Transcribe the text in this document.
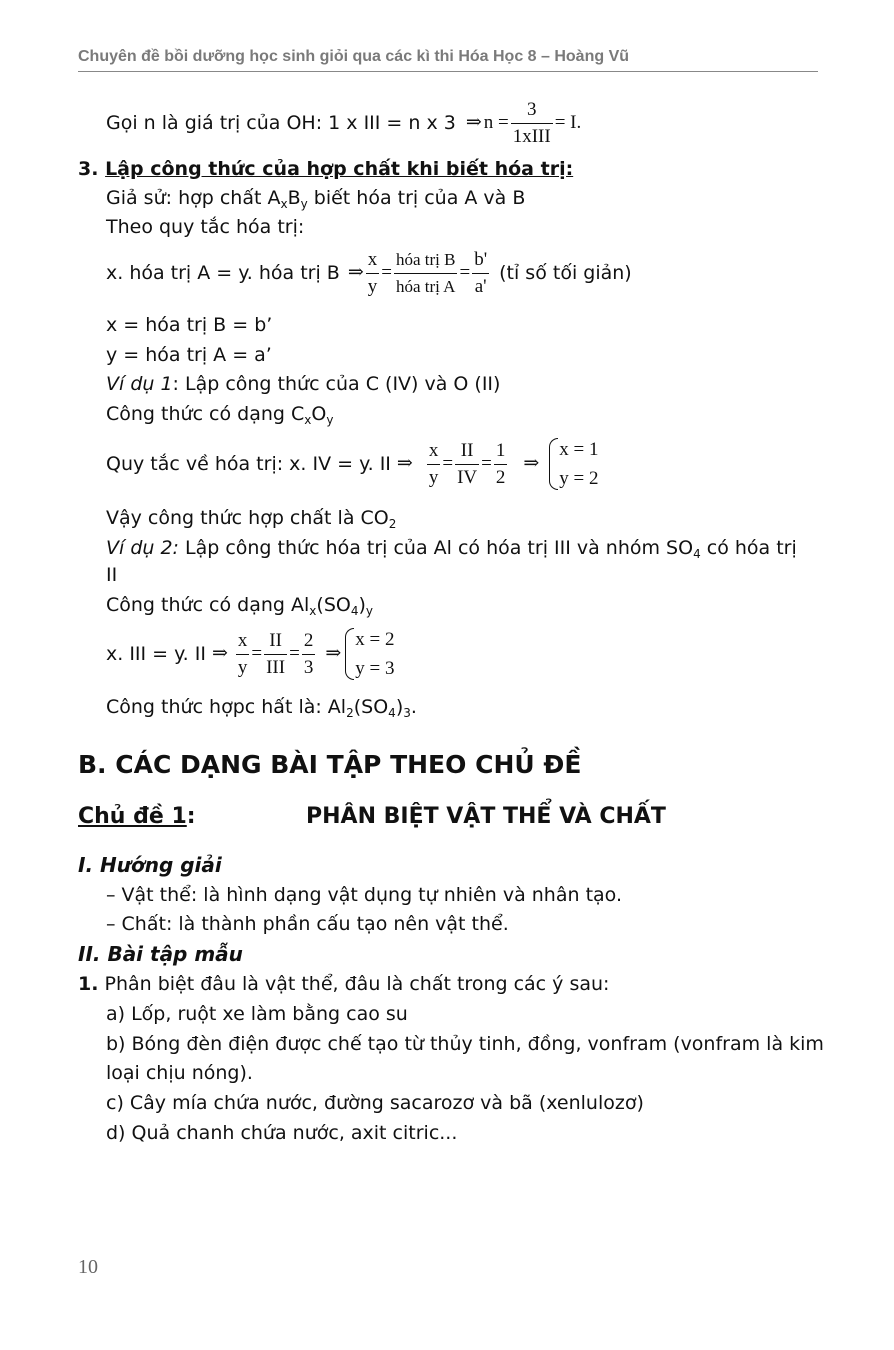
Chuyên đề bồi dưỡng học sinh giỏi qua các kì thi Hóa Học 8 – Hoàng Vũ
Gọi n là giá trị của OH: 1 x III = n x 3 ⇒ $n = \frac{3}{\text{1xIII}} = I$.
3. Lập công thức của hợp chất khi biết hóa trị:
Giả sử: hợp chất $A_xB_y$ biết hóa trị của A và B
Theo quy tắc hóa trị:
x. hóa trị A = y. hóa trị B ⇒ $\frac{x}{y} = \frac{\text{hóa trị B}}{\text{hóa trị A}} = \frac{b'}{a'}$ (tỉ số tối giản)
x = hóa trị B = b’
y = hóa trị A = a’
Ví dụ 1: Lập công thức của C (IV) và O (II)
Công thức có dạng $C_xO_y$
Quy tắc về hóa trị: x. IV = y. II ⇒ $\frac{x}{y} = \frac{II}{IV} = \frac{1}{2}$ ⇒
x = 1
y = 2
Vậy công thức hợp chất là $CO_2$
Ví dụ 2: Lập công thức hóa trị của Al có hóa trị III và nhóm $SO_4$ có hóa trị
II
Công thức có dạng $Al_x(SO_4)_y$
x. III = y. II ⇒ $\frac{x}{y} = \frac{II}{\text{III}} = \frac{2}{3}$ ⇒
x = 2
y = 3
Công thức hợpc hất là: $Al_2(SO_4)_3$.
B. CÁC DẠNG BÀI TẬP THEO CHỦ ĐỀ
Chủ đề 1:	PHÂN BIỆT VẬT THỂ VÀ CHẤT
I. Hướng giải
– Vật thể: là hình dạng vật dụng tự nhiên và nhân tạo.
– Chất: là thành phần cấu tạo nên vật thể.
II. Bài tập mẫu
1. Phân biệt đâu là vật thể, đâu là chất trong các ý sau:
a) Lốp, ruột xe làm bằng cao su
b) Bóng đèn điện được chế tạo từ thủy tinh, đồng, vonfram (vonfram là kim
loại chịu nóng).
c) Cây mía chứa nước, đường sacarozơ và bã (xenlulozơ)
d) Quả chanh chứa nước, axit citric...
10
